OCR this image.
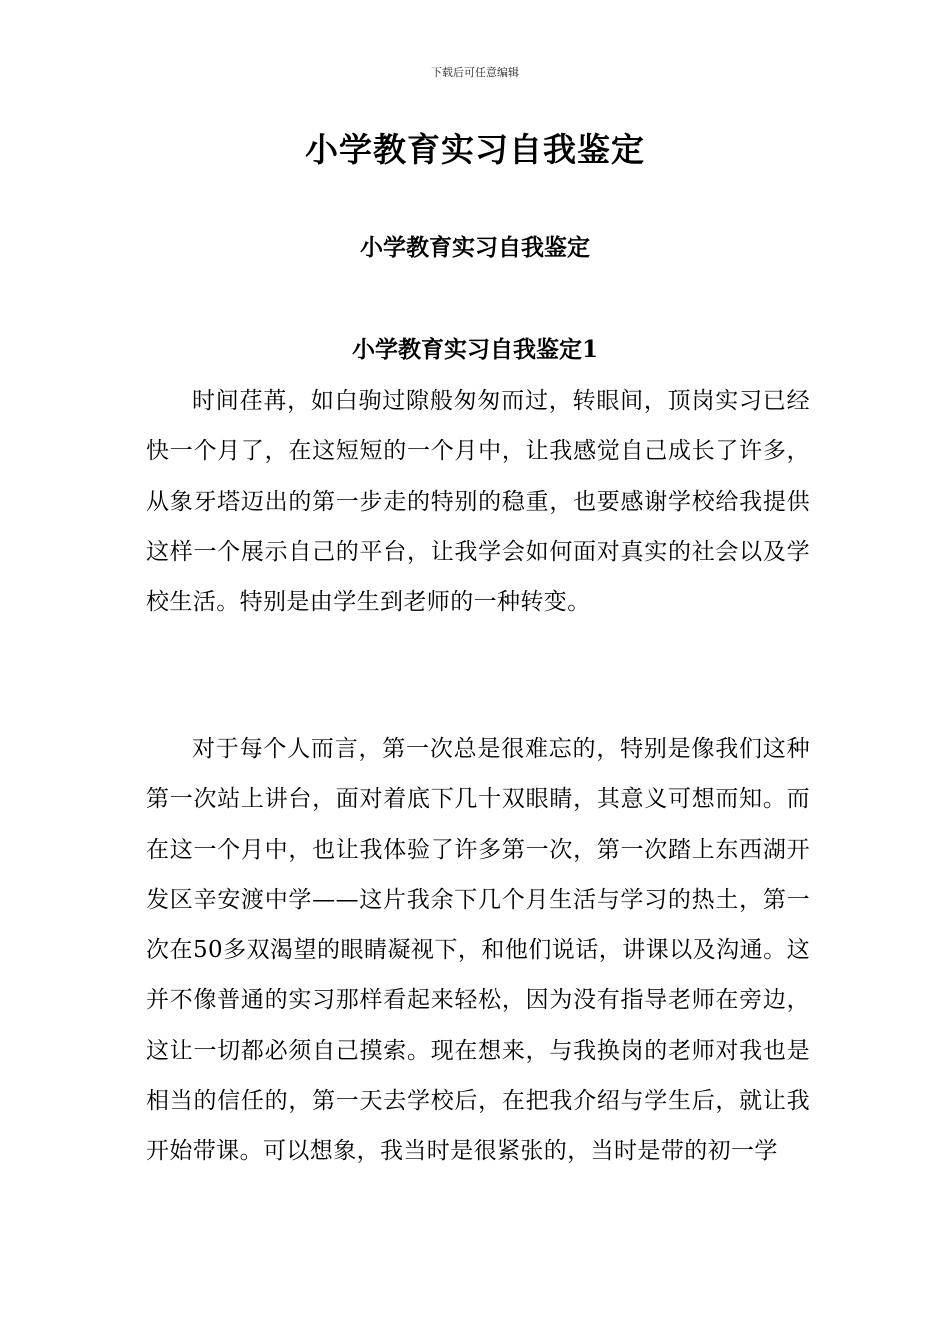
下载后可任意编辑
小学教育实习自我鉴定
小学教育实习自我鉴定
小学教育实习自我鉴定1

时间荏苒，如白驹过隙般匆匆而过，转眼间，顶岗实习已经快一个月了，在这短短的一个月中，让我感觉自己成长了许多，从象牙塔迈出的第一步走的特别的稳重，也要感谢学校给我提供这样一个展示自己的平台，让我学会如何面对真实的社会以及学校生活。特别是由学生到老师的一种转变。

对于每个人而言，第一次总是很难忘的，特别是像我们这种第一次站上讲台，面对着底下几十双眼睛，其意义可想而知。而在这一个月中，也让我体验了许多第一次，第一次踏上东西湖开发区辛安渡中学——这片我余下几个月生活与学习的热土，第一次在50多双渴望的眼睛凝视下，和他们说话，讲课以及沟通。这并不像普通的实习那样看起来轻松，因为没有指导老师在旁边，这让一切都必须自己摸索。现在想来，与我换岗的老师对我也是相当的信任的，第一天去学校后，在把我介绍与学生后，就让我开始带课。可以想象，我当时是很紧张的，当时是带的初一学
